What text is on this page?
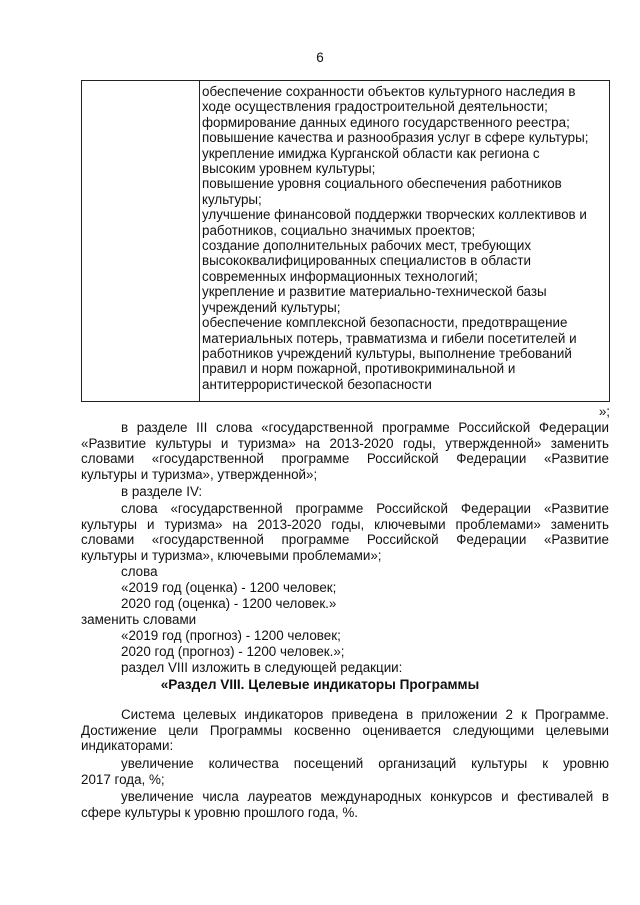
6
обеспечение сохранности объектов культурного наследия в
ходе осуществления градостроительной деятельности;
формирование данных единого государственного реестра;
повышение качества и разнообразия услуг в сфере культуры;
укрепление имиджа Курганской области как региона с
высоким уровнем культуры;
повышение уровня социального обеспечения работников
культуры;
улучшение финансовой поддержки творческих коллективов и
работников, социально значимых проектов;
создание дополнительных рабочих мест, требующих
высококвалифицированных специалистов в области
современных информационных технологий;
укрепление и развитие материально-технической базы
учреждений культуры;
обеспечение комплексной безопасности, предотвращение
материальных потерь, травматизма и гибели посетителей и
работников учреждений культуры, выполнение требований
правил и норм пожарной, противокриминальной и
антитеррористической безопасности
»;
в разделе III слова «государственной программе Российской Федерации
«Развитие культуры и туризма» на 2013-2020 годы, утвержденной» заменить
словами «государственной программе Российской Федерации «Развитие
культуры и туризма», утвержденной»;
в разделе IV:
слова «государственной программе Российской Федерации «Развитие
культуры и туризма» на 2013-2020 годы, ключевыми проблемами» заменить
словами «государственной программе Российской Федерации «Развитие
культуры и туризма», ключевыми проблемами»;
слова
«2019 год (оценка) - 1200 человек;
2020 год (оценка) - 1200 человек.»
заменить словами
«2019 год (прогноз) - 1200 человек;
2020 год (прогноз) - 1200 человек.»;
раздел VIII изложить в следующей редакции:
«Раздел VIII. Целевые индикаторы Программы
Система целевых индикаторов приведена в приложении 2 к Программе.
Достижение цели Программы косвенно оценивается следующими целевыми
индикаторами:
увеличение количества посещений организаций культуры к уровню
2017 года, %;
увеличение числа лауреатов международных конкурсов и фестивалей в
сфере культуры к уровню прошлого года, %.
